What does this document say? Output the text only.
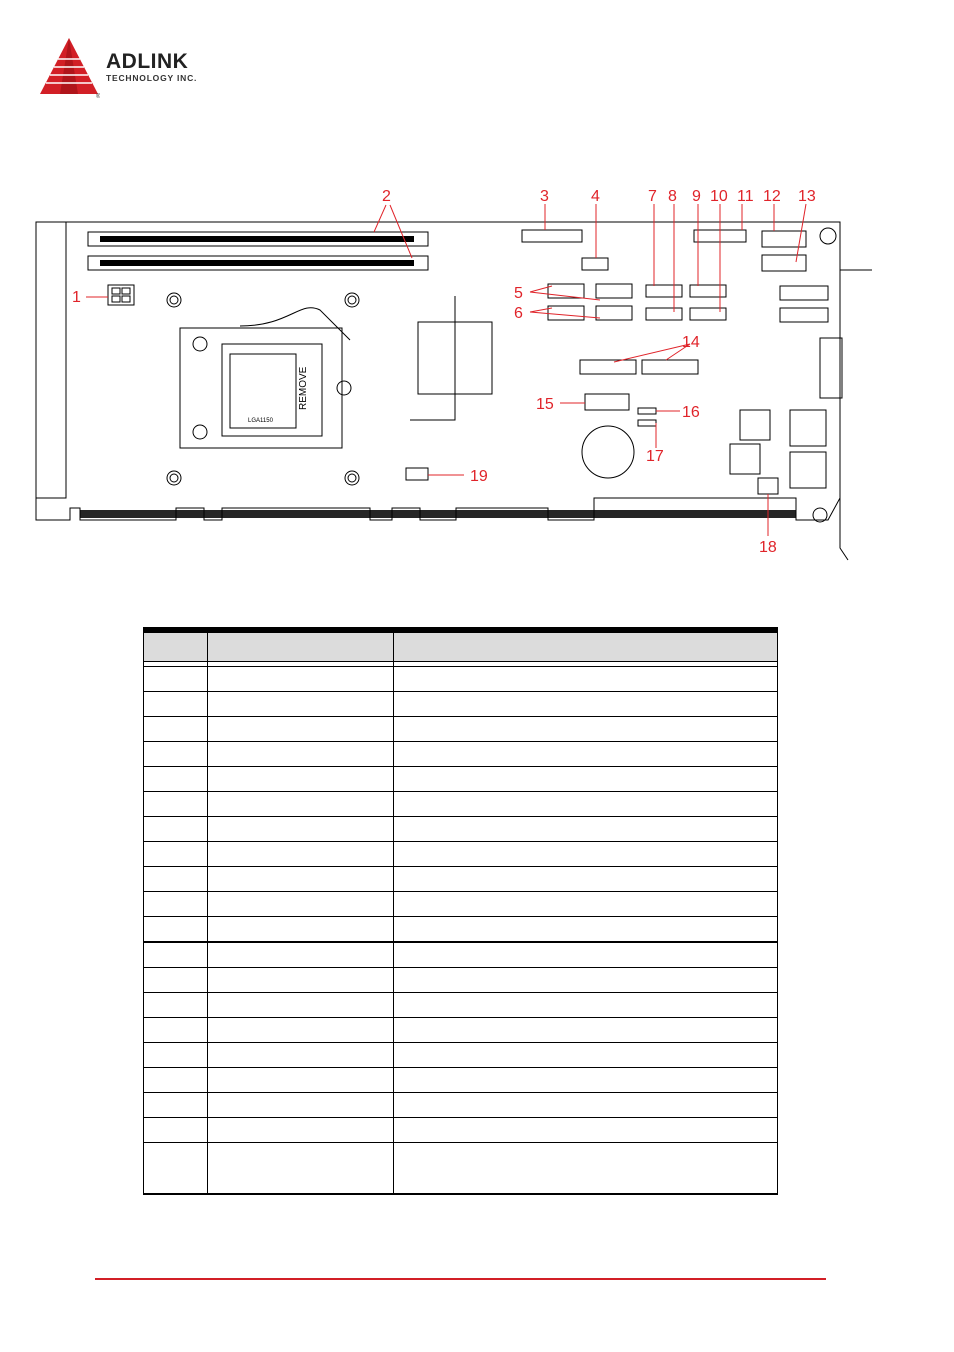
®
ADLINK
TECHNOLOGY INC.
LGA1150
REMOVE
1
2	3	4
5
6
7 8 9 10 11 12 13
14
15	16
17
18
19
